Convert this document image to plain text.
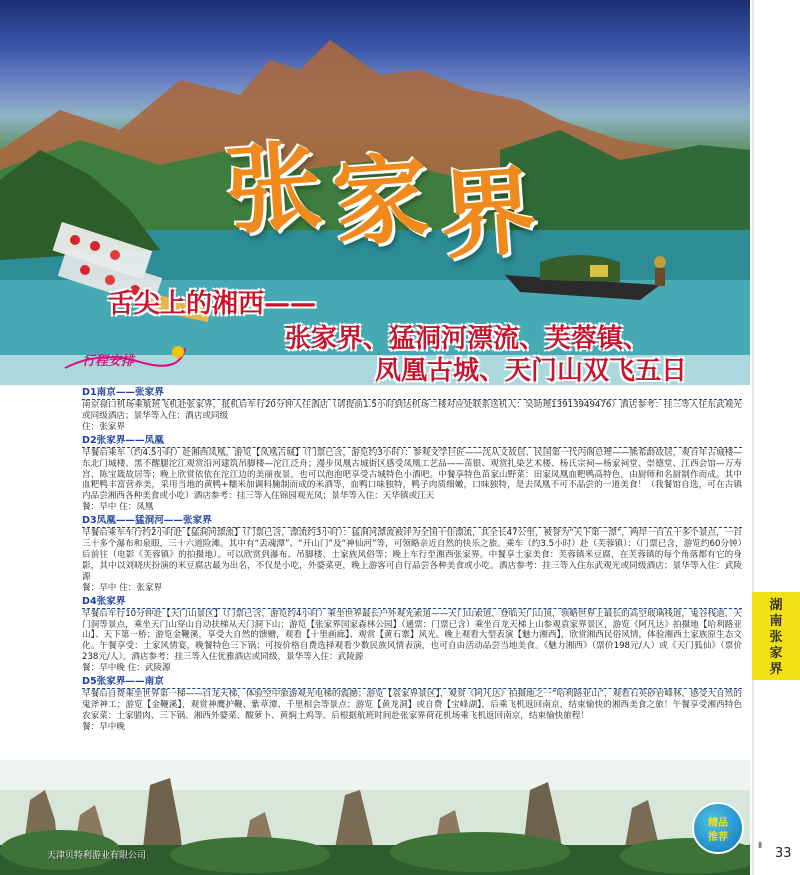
张家界
舌尖上的湘西——
张家界、猛洞河漂流、芙蓉镇、
凤凰古城、天门山双飞五日
行程安排
D1南京——张家界

南京禄口机场乘航班飞机赴张家界，抵机后车行20分钟入住酒店（请提前1.5小时到达机场二楼对应处联系送机人：吴助理13913949476）酒店参考：挂三等入住东武观光或同级酒店；景华等入住：酒店或同级

住：张家界

D2张家界——凤凰

早餐后乘车（约4.5小时）赴湘西凤凰，游览【凤凰古城】（门票已含，游览约3小时）：参观文学巨匠——沈从文故居、民国第一代内阁总理——熊希龄故居，观百年古城楼—东北门城楼、黑不醒腿沱江观赏沿河建筑吊脚楼—沱江泛舟；漫步凤凰古城街区感受凤凰工艺品——苗银、观赏扎染艺术楼、杨氏宗祠—杨家祠堂、崇德堂、江西会馆—万寿宫、陈宝箴故居等；晚上欣赏依依在沱江边的美丽夜景，也可以泡泡吧享受古城特色小酒吧。中餐享特色苗家山野菜：田家凤凰血粑鸭高特色，由厨师和名厨制作而成。其中血粑鸭丰富营养美，采用当地的黄鸭+糯米加调料腌制而成的米酒等，血鸭口味独特，鸭子肉质细嫩，口味独特，是去凤凰不可不品尝的一道美食！（我餐馆自选，可在古镇内品尝湘西各种美食或小吃）酒店参考：挂三等入住锦园观光凤；景华等入住：天华镇或江天

餐：早中 住：凤凰

D3凤凰——猛洞河——张家界

早餐后乘车车行约2小时赴【猛洞河漂流】（门票已含，漂流约3小时）：猛洞河漂流被评为全国十佳漂流，其全长47公里，被誉为“天下第一漂”，两岸一百五十多个景点，一百三十多个瀑布和泉眼，三十六道险滩。其中有“丢魂潭”、“开山门”及“神仙河”等，可领略亲近自然的快乐之旅。乘车（约3.5小时）赴（芙蓉镇）：（门票已含，游览约60分钟）后前往（电影《芙蓉镇》的拍摄地）。可以欣赏到瀑布、吊脚楼、土家族风俗等；晚上车行至湘西张家界。中餐享土家美食：芙蓉镇米豆腐，在芙蓉镇的每个角落都有它的身影，其中以刘晓庆扮演的米豆腐店最为出名，不仅是小吃，外婆菜更，晚上游客可自行品尝各种美食或小吃。酒店参考：挂三等入住东武观光或同级酒店；景华等入住：武陵源

餐：早中 住：张家界

D4张家界

早餐后车行10分钟赴【天门山景区】（门票已含，游览约4小时）乘坐世界最长户外观光索道——天门山索道，登临天门山顶，领略世界上最长的高空玻璃栈道，鬼谷栈道，天门洞等景点，乘坐天门山穿山自动扶梯从天门洞下山；游览【张家界国家森林公园】（通票：门票已含）乘坐百龙天梯上山参观袁家界景区，游览《阿凡达》拍摄地【哈利路亚山】、天下第一桥；游览金鞭溪，享受大自然的馈赠，观看【十里画廊】、观赏【黄石寨】风光。晚上观看大型表演【魅力湘西】，欣赏湘西民俗风情，体验湘西土家族原生态文化。午餐享受：土家风情宴，晚餐特色三下锅；可按价格自费选择观看少数民族风情表演，也可自由活动品尝当地美食。《魅力湘西》（票价198元/人）或《天门狐仙》（票价238元/人）。酒店参考：挂三等入住优雅酒店或同级，景华等入住：武陵源

餐：早中晚 住：武陵源

D5张家界——南京

早餐后自费乘坐世界第一梯——百龙天梯，体验空中旅游观光电梯的震撼；游览【袁家界景区】，观赏《阿凡达》拍摄地之一“哈利路亚山”，观看石英砂岩峰林，感受大自然的鬼斧神工；游览【金鞭溪】，观赏神鹰护鞭、紫草潭、千里相会等景点；游览【黄龙洞】或自费【宝峰湖】，后乘飞机返回南京，结束愉快的湘西美食之旅！午餐享受湘西特色农家菜：土家腊肉、三下锅、湘西外婆菜、酸萝卜、黄焖土鸡等。后根据航班时间赴张家界荷花机场乘飞机返回南京，结束愉快旅程！

餐：早中晚

天津贝特利游业有限公司
精品
推荐
湖南张家界
▮
33
